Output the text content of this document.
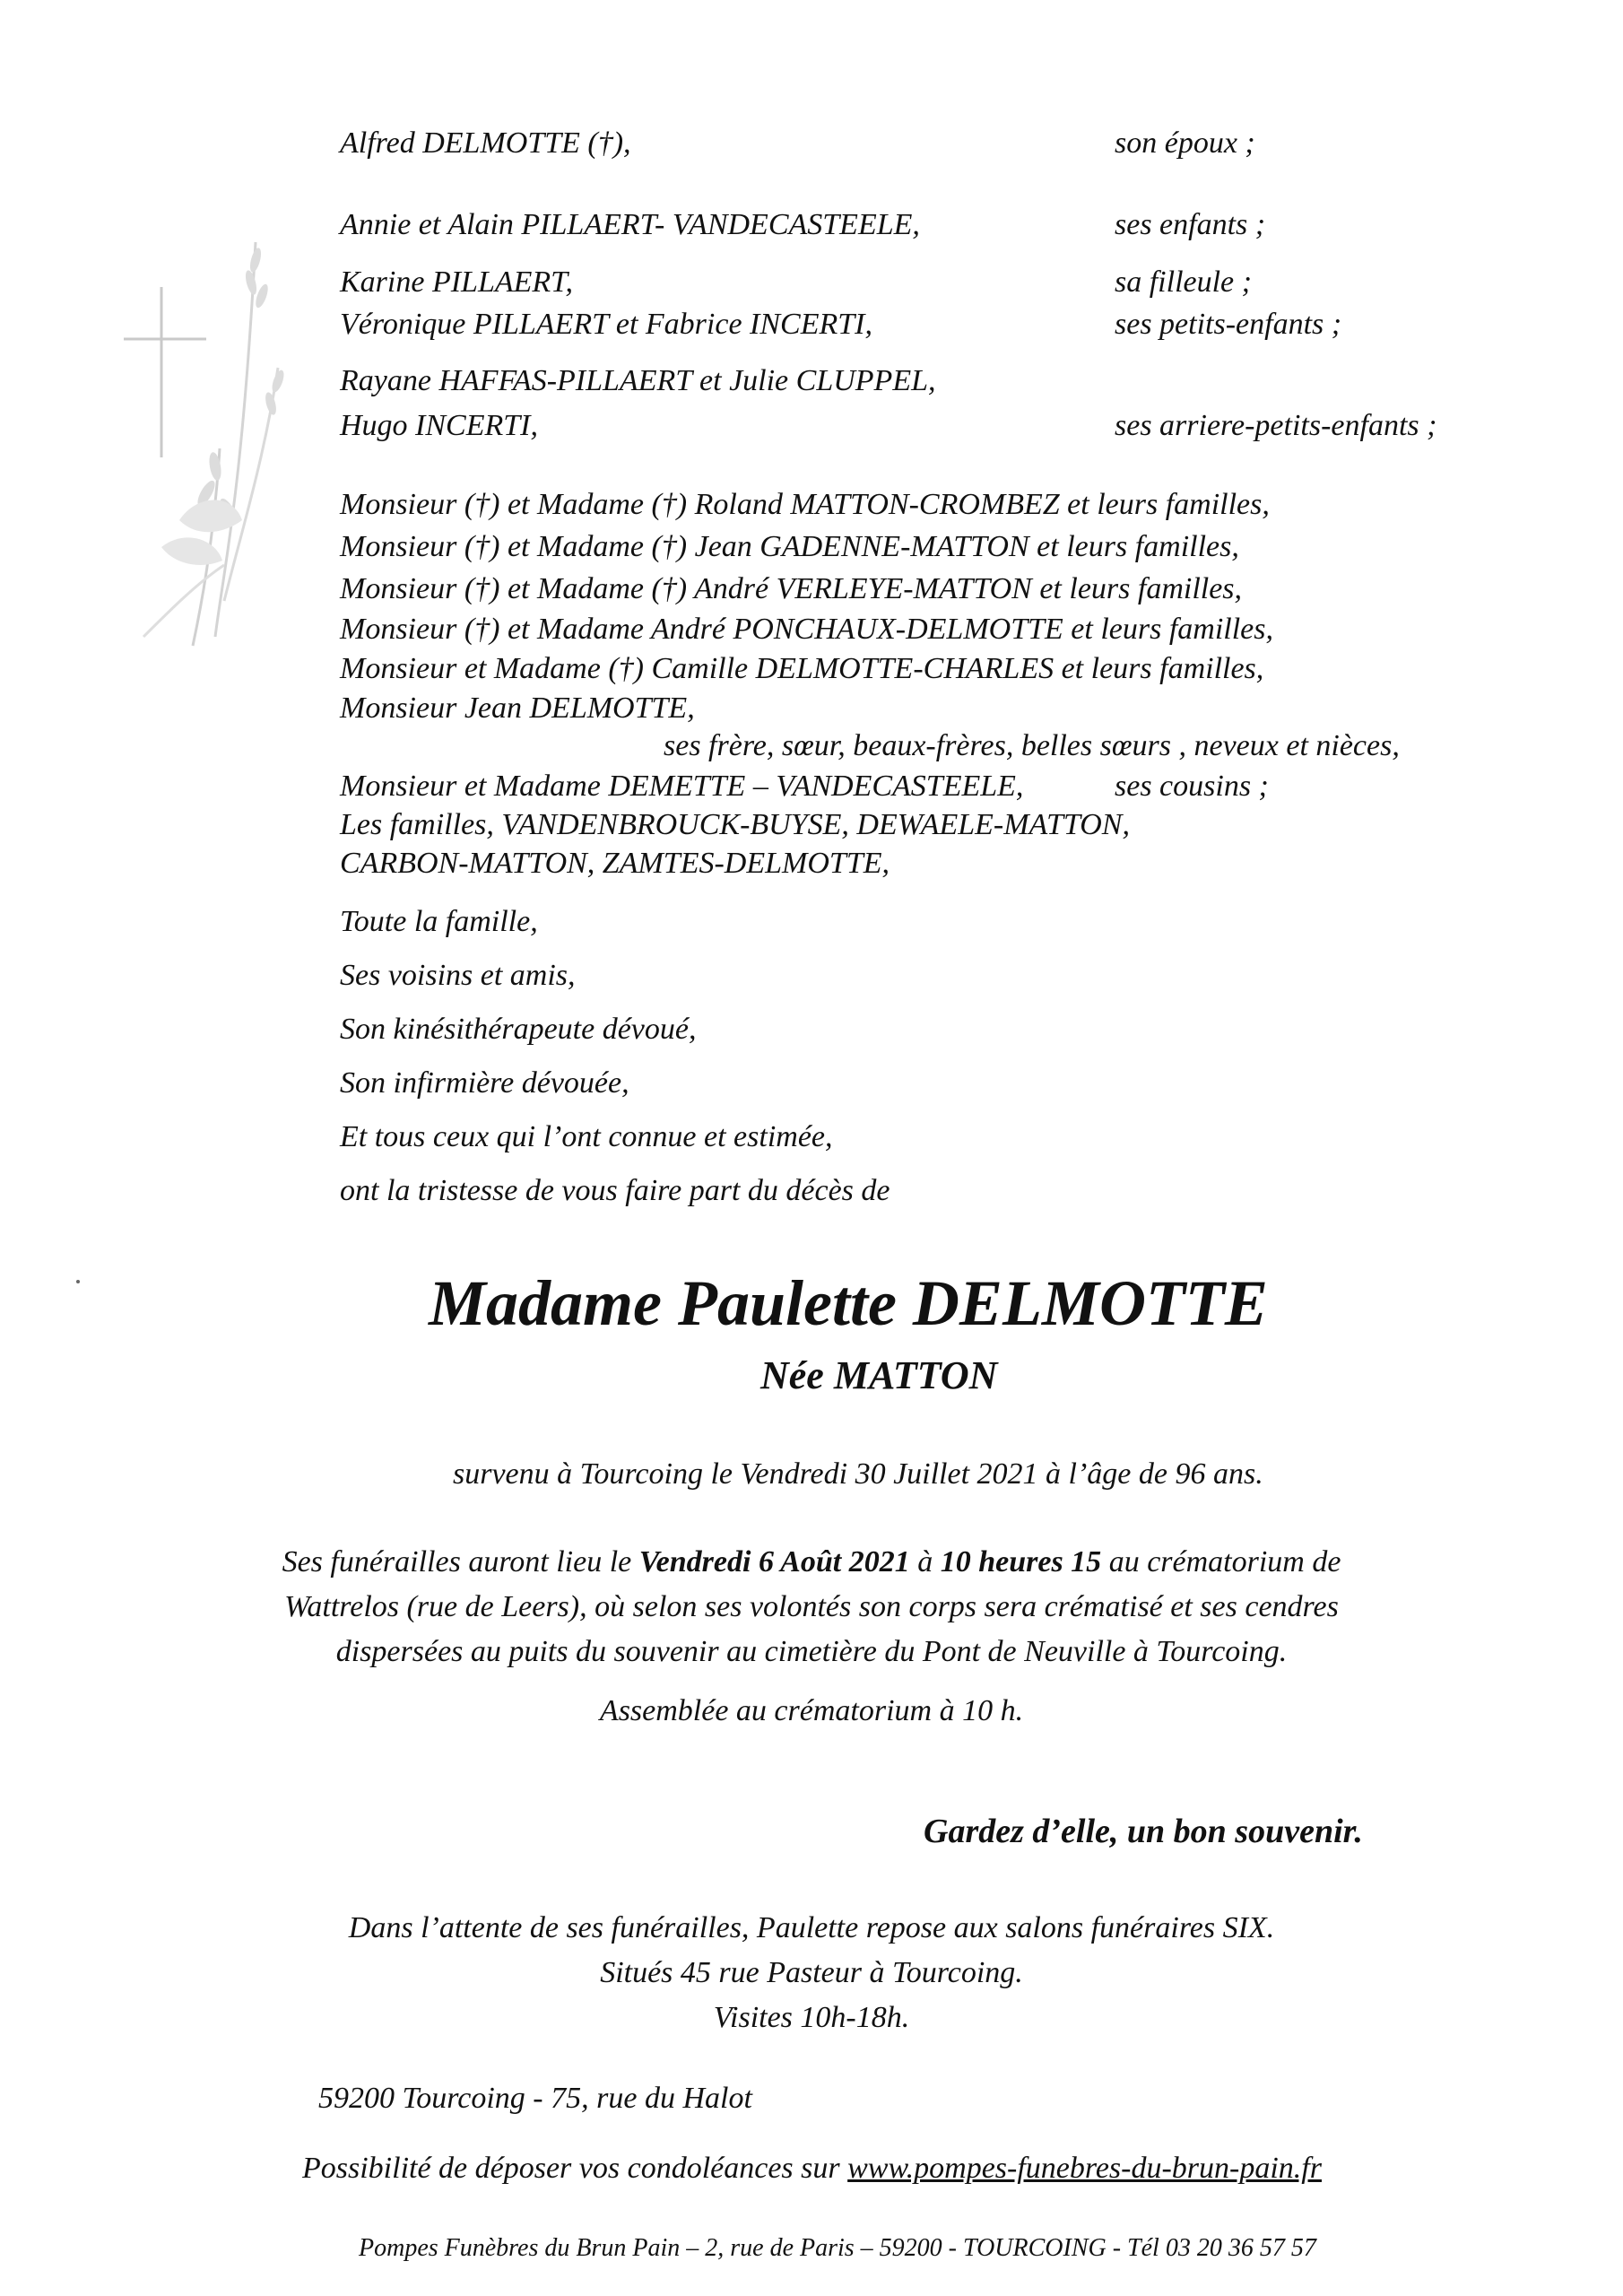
Alfred DELMOTTE (†),	son époux ;
Annie et Alain PILLAERT- VANDECASTEELE,	ses enfants ;
Karine PILLAERT,	sa filleule ;
Véronique PILLAERT et Fabrice INCERTI,	ses petits-enfants ;
Rayane HAFFAS-PILLAERT et Julie CLUPPEL,
Hugo INCERTI,	ses arriere-petits-enfants ;
Monsieur (†) et Madame (†) Roland MATTON-CROMBEZ et leurs familles,
Monsieur (†) et Madame (†) Jean GADENNE-MATTON et leurs familles,
Monsieur (†) et Madame (†) André VERLEYE-MATTON et leurs familles,
Monsieur (†) et Madame André PONCHAUX-DELMOTTE et leurs familles,
Monsieur et Madame (†) Camille DELMOTTE-CHARLES et leurs familles,
Monsieur Jean DELMOTTE,
ses frère, sœur, beaux-frères, belles sœurs , neveux et nièces,
Monsieur et Madame DEMETTE – VANDECASTEELE,	ses cousins ;
Les familles, VANDENBROUCK-BUYSE, DEWAELE-MATTON,
CARBON-MATTON, ZAMTES-DELMOTTE,
Toute la famille,
Ses voisins et amis,
Son kinésithérapeute dévoué,
Son infirmière dévouée,
Et tous ceux qui l’ont connue et estimée,
ont la tristesse de vous faire part du décès de
Madame Paulette DELMOTTE
Née MATTON
survenu à Tourcoing le Vendredi 30 Juillet 2021 à l’âge de 96 ans.
Ses funérailles auront lieu le Vendredi 6 Août 2021 à 10 heures 15 au crématorium de
Wattrelos (rue de Leers), où selon ses volontés son corps sera crématisé et ses cendres
dispersées au puits du souvenir au cimetière du Pont de Neuville à Tourcoing.
Assemblée au crématorium à 10 h.
Gardez d’elle, un bon souvenir.
Dans l’attente de ses funérailles, Paulette repose aux salons funéraires SIX.
Situés 45 rue Pasteur à Tourcoing.
Visites 10h-18h.
59200 Tourcoing - 75, rue du Halot
Possibilité de déposer vos condoléances sur www.pompes-funebres-du-brun-pain.fr
Pompes Funèbres du Brun Pain – 2, rue de Paris – 59200 - TOURCOING - Tél 03 20 36 57 57
